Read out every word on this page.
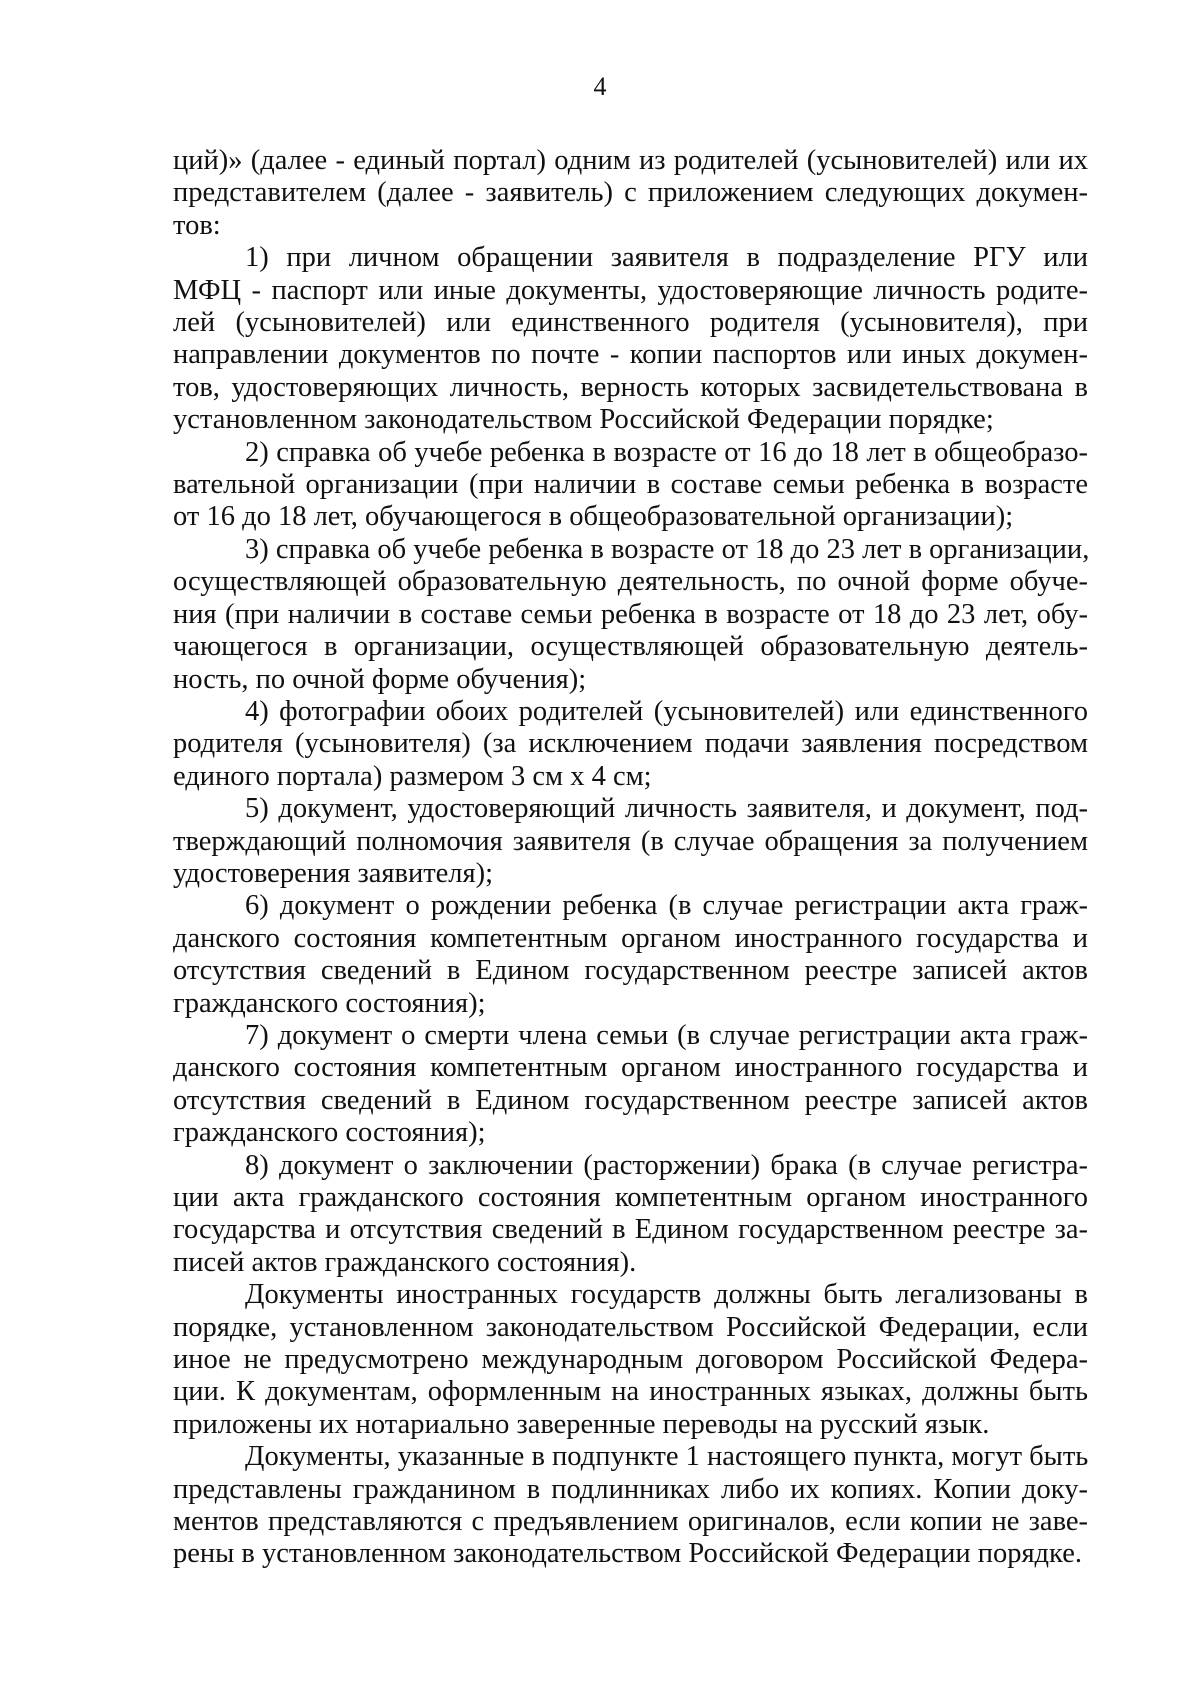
4

ций)» (далее - единый портал) одним из родителей (усыновителей) или их
представителем (далее - заявитель) с приложением следующих докумен-
тов:

1) при личном обращении заявителя в подразделение РГУ или
МФЦ - паспорт или иные документы, удостоверяющие личность родите-
лей (усыновителей) или единственного родителя (усыновителя), при
направлении документов по почте - копии паспортов или иных докумен-
тов, удостоверяющих личность, верность которых засвидетельствована в
установленном законодательством Российской Федерации порядке;

2) справка об учебе ребенка в возрасте от 16 до 18 лет в общеобразо-
вательной организации (при наличии в составе семьи ребенка в возрасте
от 16 до 18 лет, обучающегося в общеобразовательной организации);

3) справка об учебе ребенка в возрасте от 18 до 23 лет в организации,
осуществляющей образовательную деятельность, по очной форме обуче-
ния (при наличии в составе семьи ребенка в возрасте от 18 до 23 лет, обу-
чающегося в организации, осуществляющей образовательную деятель-
ность, по очной форме обучения);

4) фотографии обоих родителей (усыновителей) или единственного
родителя (усыновителя) (за исключением подачи заявления посредством
единого портала) размером 3 см x 4 см;

5) документ, удостоверяющий личность заявителя, и документ, под-
тверждающий полномочия заявителя (в случае обращения за получением
удостоверения заявителя);

6) документ о рождении ребенка (в случае регистрации акта граж-
данского состояния компетентным органом иностранного государства и
отсутствия сведений в Едином государственном реестре записей актов
гражданского состояния);

7) документ о смерти члена семьи (в случае регистрации акта граж-
данского состояния компетентным органом иностранного государства и
отсутствия сведений в Едином государственном реестре записей актов
гражданского состояния);

8) документ о заключении (расторжении) брака (в случае регистра-
ции акта гражданского состояния компетентным органом иностранного
государства и отсутствия сведений в Едином государственном реестре за-
писей актов гражданского состояния).

Документы иностранных государств должны быть легализованы в
порядке, установленном законодательством Российской Федерации, если
иное не предусмотрено международным договором Российской Федера-
ции. К документам, оформленным на иностранных языках, должны быть
приложены их нотариально заверенные переводы на русский язык.

Документы, указанные в подпункте 1 настоящего пункта, могут быть
представлены гражданином в подлинниках либо их копиях. Копии доку-
ментов представляются с предъявлением оригиналов, если копии не заве-
рены в установленном законодательством Российской Федерации порядке.
